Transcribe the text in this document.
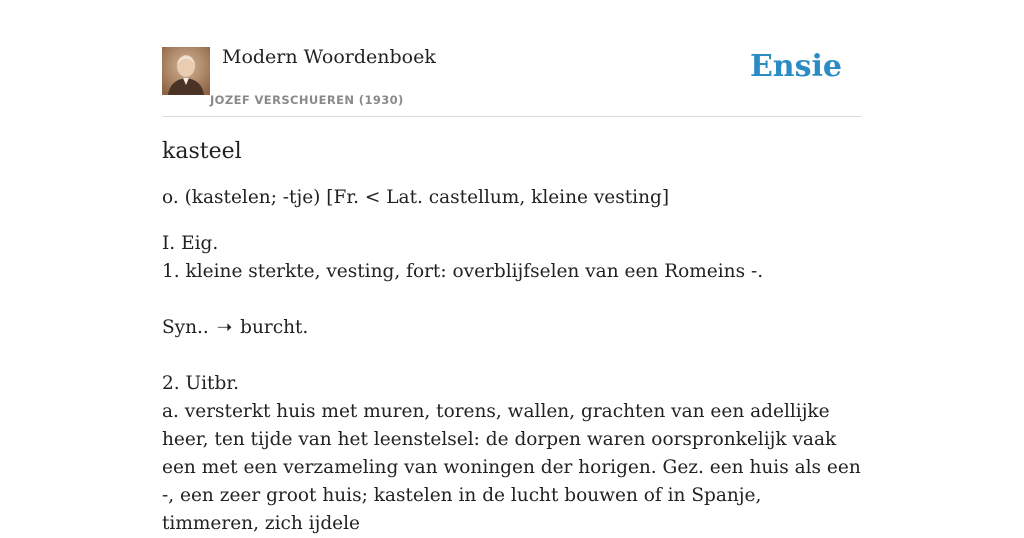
Modern Woordenboek
JOZEF VERSCHUEREN (1930)
Ensie
kasteel

o. (kastelen; -tje) [Fr. < Lat. castellum, kleine vesting]

I. Eig.

1. kleine sterkte, vesting, fort: overblijfselen van een Romeins -.

Syn.. ➝ burcht.

2. Uitbr.

a. versterkt huis met muren, torens, wallen, grachten van een adellijke heer, ten tijde van het leenstelsel: de dorpen waren oorspronkelijk vaak een met een verzameling van woningen der horigen. Gez. een huis als een -, een zeer groot huis; kastelen in de lucht bouwen of in Spanje, timmeren, zich ijdele
